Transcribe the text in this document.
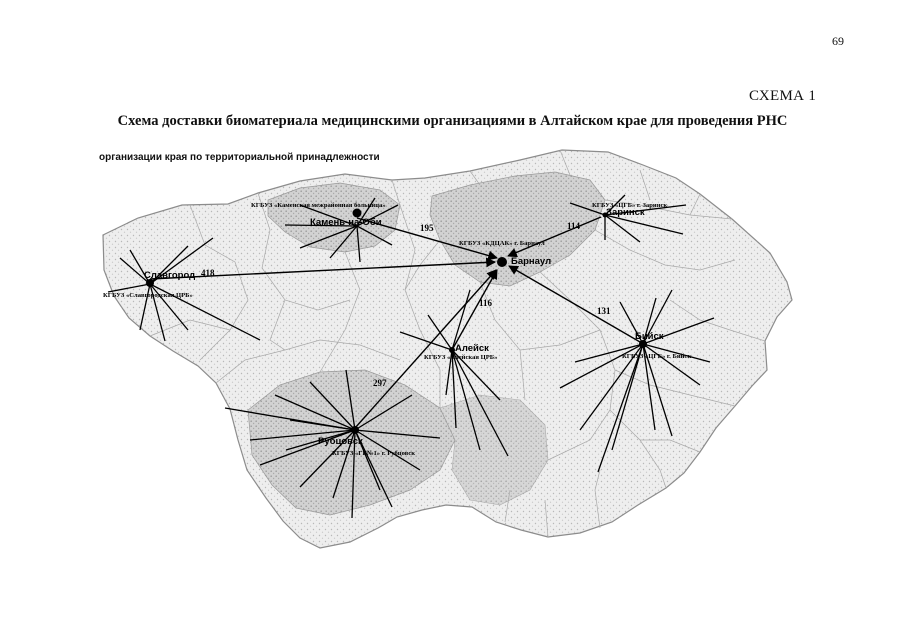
69
СХЕМА 1
Схема доставки биоматериала медицинскими организациями в Алтайском крае для проведения РНС
организации края по территориальной принадлежности
Барнаул
Камень-на-Оби
Славгород
Заринск
Бийск
Алейск
Рубцовск
КГБУЗ «КДЦАК» г. Барнаул
КГБУЗ «Каменская межрайонная больница»
КГБУЗ «Славгородская ЦРБ»
КГБУЗ «ЦГБ» г. Заринск
КГБУЗ «ЦГБ» г. Бийск
КГБУЗ «Алейская ЦРБ»
КГБУЗ «ГБ№1» г. Рубцовск
195
418
114
131
116
297
